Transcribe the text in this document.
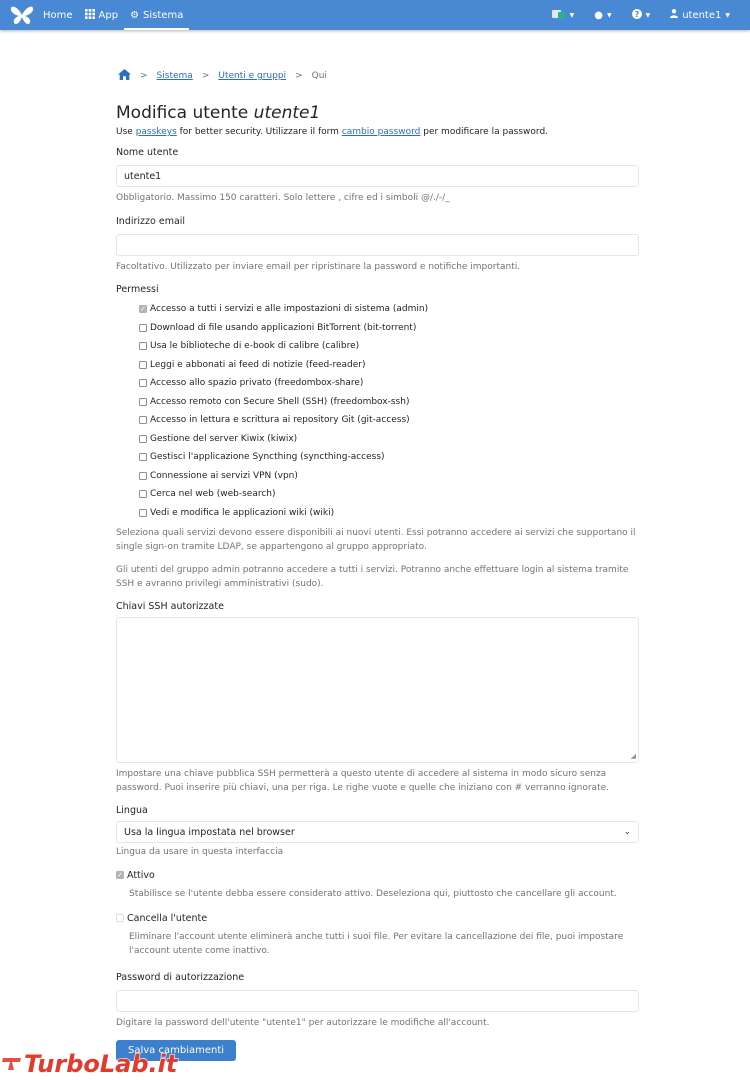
Home	App ⚙ Sistema	▼ ● ▼	? ▼	utente1 ▼
> Sistema > Utenti e gruppi > Qui
Modifica utente utente1
Use passkeys for better security. Utilizzare il form cambio password per modificare la password.
Nome utente
utente1
Obbligatorio. Massimo 150 caratteri. Solo lettere , cifre ed i simboli @/./-/_
Indirizzo email
Facoltativo. Utilizzato per inviare email per ripristinare la password e notifiche importanti.
Permessi
✓ Accesso a tutti i servizi e alle impostazioni di sistema (admin)
Download di file usando applicazioni BitTorrent (bit-torrent)
Usa le biblioteche di e-book di calibre (calibre)
Leggi e abbonati ai feed di notizie (feed-reader)
Accesso allo spazio privato (freedombox-share)
Accesso remoto con Secure Shell (SSH) (freedombox-ssh)
Accesso in lettura e scrittura ai repository Git (git-access)
Gestione del server Kiwix (kiwix)
Gestisci l'applicazione Syncthing (syncthing-access)
Connessione ai servizi VPN (vpn)
Cerca nel web (web-search)
Vedi e modifica le applicazioni wiki (wiki)
Seleziona quali servizi devono essere disponibili ai nuovi utenti. Essi potranno accedere ai servizi che supportano il single sign-on tramite LDAP, se appartengono al gruppo appropriato.
Gli utenti del gruppo admin potranno accedere a tutti i servizi. Potranno anche effettuare login al sistema tramite SSH e avranno privilegi amministrativi (sudo).
Chiavi SSH autorizzate
◢
Impostare una chiave pubblica SSH permetterà a questo utente di accedere al sistema in modo sicuro senza password. Puoi inserire più chiavi, una per riga. Le righe vuote e quelle che iniziano con # verranno ignorate.
Lingua
Usa la lingua impostata nel browser	⌄
Lingua da usare in questa interfaccia
✓ Attivo
Stabilisce se l'utente debba essere considerato attivo. Deseleziona qui, piuttosto che cancellare gli account.
Cancella l'utente
Eliminare l'account utente eliminerà anche tutti i suoi file. Per evitare la cancellazione dei file, puoi impostare l'account utente come inattivo.
Password di autorizzazione
Digitare la password dell'utente "utente1" per autorizzare le modifiche all'account.
Salva cambiamenti
TurboLab.it
